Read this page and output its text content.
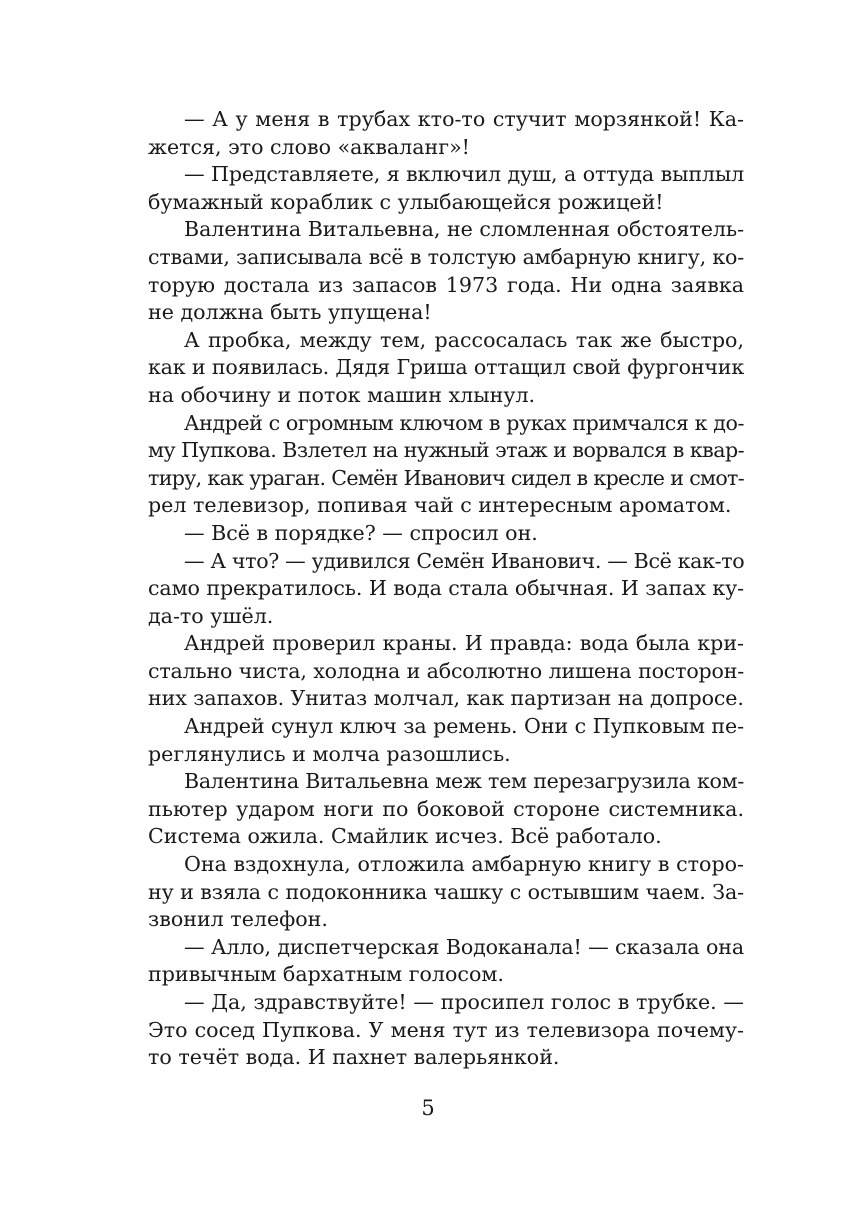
— А у меня в трубах кто-то стучит морзянкой! Ка-
жется, это слово «акваланг»!
— Представляете, я включил душ, а оттуда выплыл
бумажный кораблик с улыбающейся рожицей!
Валентина Витальевна, не сломленная обстоятель-
ствами, записывала всё в толстую амбарную книгу, ко-
торую достала из запасов 1973 года. Ни одна заявка
не должна быть упущена!
А пробка, между тем, рассосалась так же быстро,
как и появилась. Дядя Гриша оттащил свой фургончик
на обочину и поток машин хлынул.
Андрей с огромным ключом в руках примчался к до-
му Пупкова. Взлетел на нужный этаж и ворвался в квар-
тиру, как ураган. Семён Иванович сидел в кресле и смот-
рел телевизор, попивая чай с интересным ароматом.
— Всё в порядке? — спросил он.
— А что? — удивился Семён Иванович. — Всё как-то
само прекратилось. И вода стала обычная. И запах ку-
да-то ушёл.
Андрей проверил краны. И правда: вода была кри-
стально чиста, холодна и абсолютно лишена посторон-
них запахов. Унитаз молчал, как партизан на допросе.
Андрей сунул ключ за ремень. Они с Пупковым пе-
реглянулись и молча разошлись.
Валентина Витальевна меж тем перезагрузила ком-
пьютер ударом ноги по боковой стороне системника.
Система ожила. Смайлик исчез. Всё работало.
Она вздохнула, отложила амбарную книгу в сторо-
ну и взяла с подоконника чашку с остывшим чаем. За-
звонил телефон.
— Алло, диспетчерская Водоканала! — сказала она
привычным бархатным голосом.
— Да, здравствуйте! — просипел голос в трубке. —
Это сосед Пупкова. У меня тут из телевизора почему-
то течёт вода. И пахнет валерьянкой.
5
